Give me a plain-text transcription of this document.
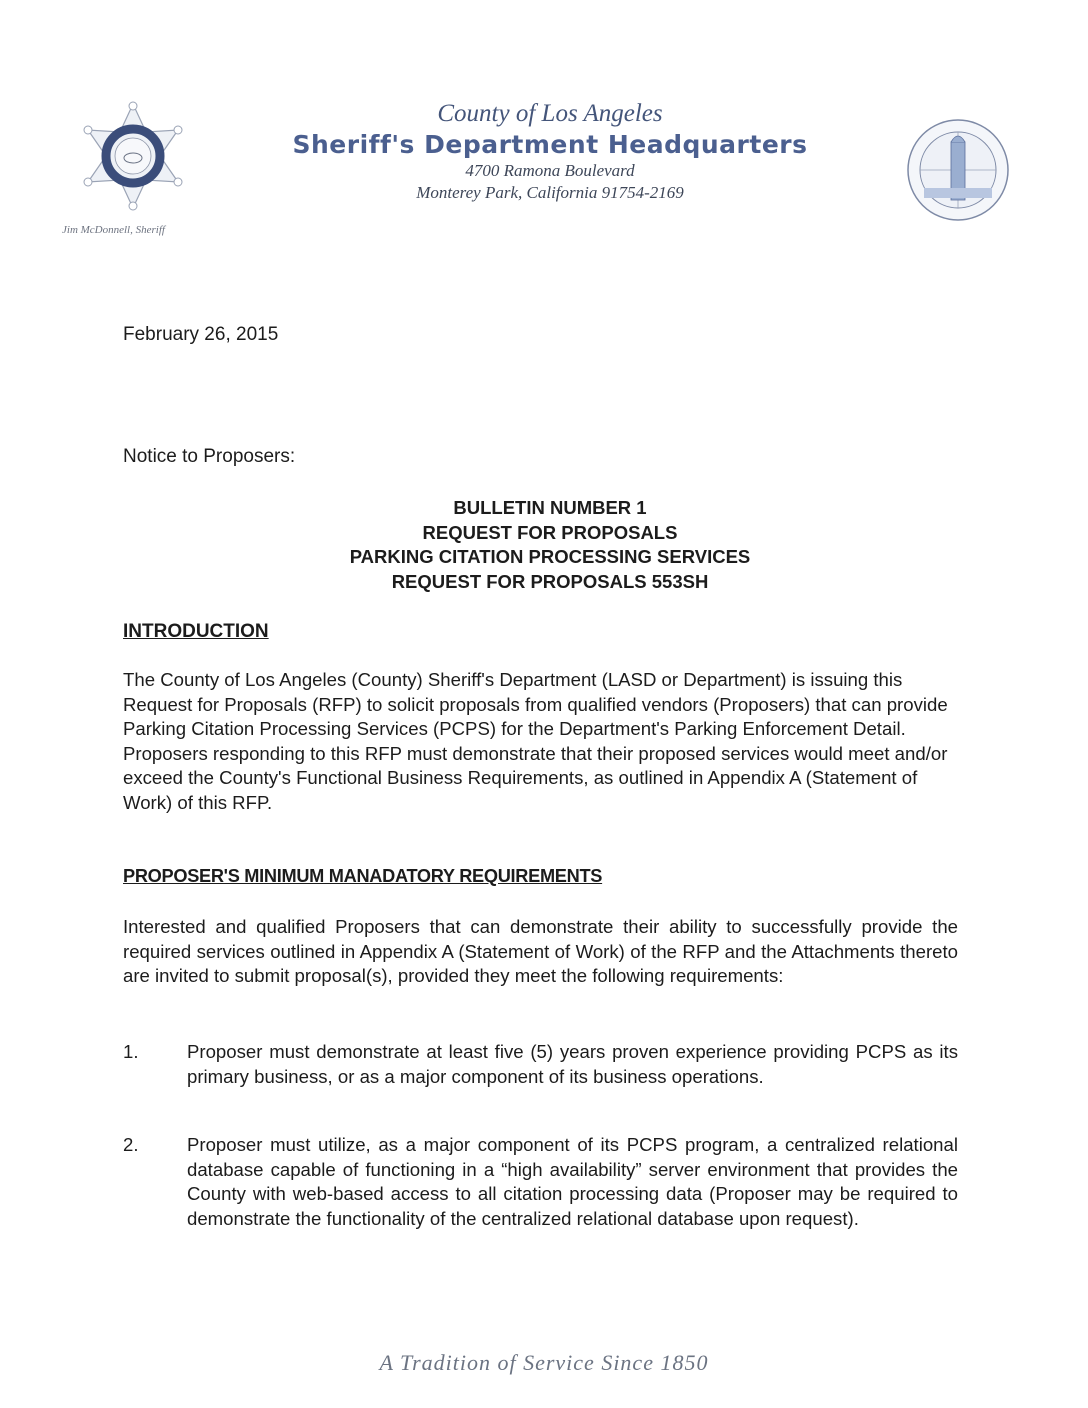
Jim McDonnell, Sheriff
County of Los Angeles
Sheriff's Department Headquarters
4700 Ramona Boulevard
Monterey Park, California 91754-2169
February 26, 2015
Notice to Proposers:
BULLETIN NUMBER 1
REQUEST FOR PROPOSALS
PARKING CITATION PROCESSING SERVICES
REQUEST FOR PROPOSALS 553SH
INTRODUCTION
The County of Los Angeles (County) Sheriff's Department (LASD or Department) is issuing this Request for Proposals (RFP) to solicit proposals from qualified vendors (Proposers) that can provide Parking Citation Processing Services (PCPS) for the Department's Parking Enforcement Detail. Proposers responding to this RFP must demonstrate that their proposed services would meet and/or exceed the County's Functional Business Requirements, as outlined in Appendix A (Statement of Work) of this RFP.
PROPOSER'S MINIMUM MANADATORY REQUIREMENTS
Interested and qualified Proposers that can demonstrate their ability to successfully provide the required services outlined in Appendix A (Statement of Work) of the RFP and the Attachments thereto are invited to submit proposal(s), provided they meet the following requirements:
1.	Proposer must demonstrate at least five (5) years proven experience providing PCPS as its primary business, or as a major component of its business operations.
2.	Proposer must utilize, as a major component of its PCPS program, a centralized relational database capable of functioning in a “high availability” server environment that provides the County with web-based access to all citation processing data (Proposer may be required to demonstrate the functionality of the centralized relational database upon request).
A Tradition of Service Since 1850
